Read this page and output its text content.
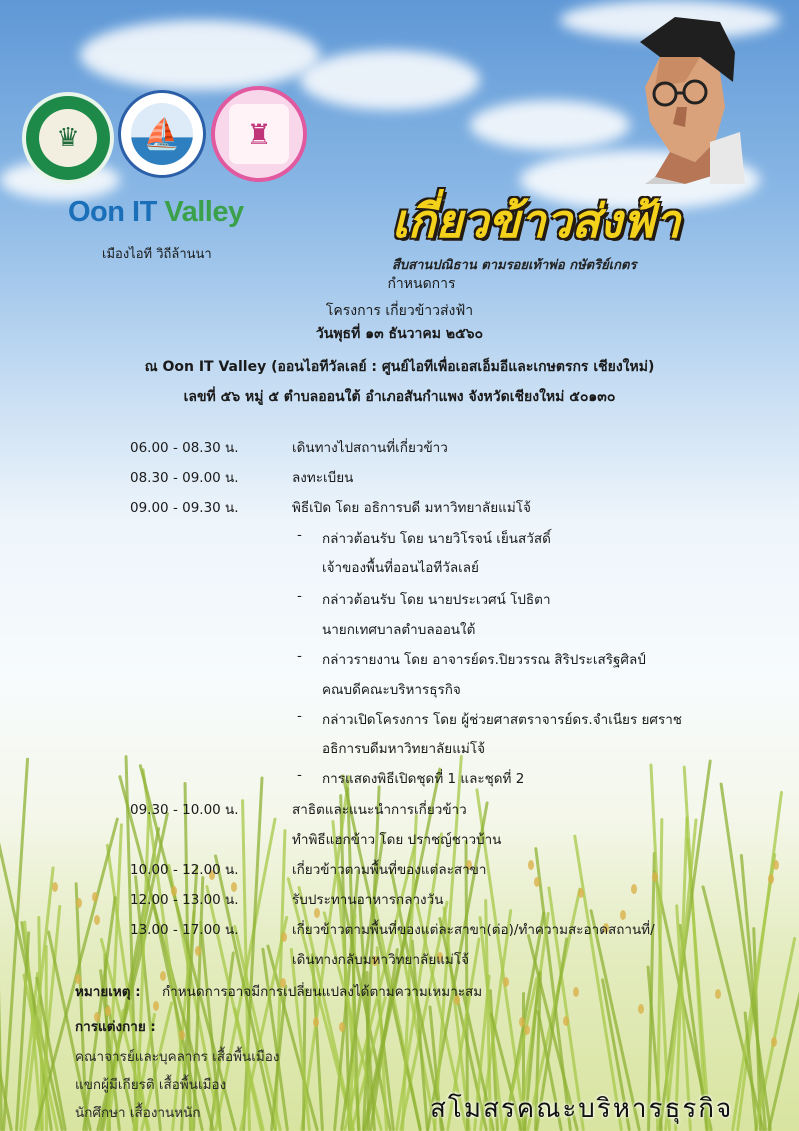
♛	⛵	♜
Oon IT Valley
เมืองไอที วิถีล้านนา
เกี่ยวข้าวส่งฟ้า
สืบสานปณิธาน ตามรอยเท้าพ่อ กษัตริย์เกตร
กำหนดการ
โครงการ เกี่ยวข้าวส่งฟ้า
วันพุธที่ ๑๓ ธันวาคม ๒๕๖๐
ณ Oon IT Valley (ออนไอทีวัลเลย์ : ศูนย์ไอทีเพื่อเอสเอ็มอีและเกษตรกร เชียงใหม่)
เลขที่ ๕๖ หมู่ ๕ ตำบลออนใต้ อำเภอสันกำแพง จังหวัดเชียงใหม่ ๕๐๑๓๐
06.00 - 08.30 น.	เดินทางไปสถานที่เกี่ยวข้าว
08.30 - 09.00 น.	ลงทะเบียน
09.00 - 09.30 น.	พิธีเปิด โดย อธิการบดี มหาวิทยาลัยแม่โจ้
- กล่าวต้อนรับ โดย นายวิโรจน์ เย็นสวัสดิ์
เจ้าของพื้นที่ออนไอทีวัลเลย์
- กล่าวต้อนรับ โดย นายประเวศน์ โปธิตา
นายกเทศบาลตำบลออนใต้
- กล่าวรายงาน โดย อาจารย์ดร.ปิยวรรณ สิริประเสริฐศิลป์
คณบดีคณะบริหารธุรกิจ
- กล่าวเปิดโครงการ โดย ผู้ช่วยศาสตราจารย์ดร.จำเนียร ยศราช
อธิการบดีมหาวิทยาลัยแม่โจ้
- การแสดงพิธีเปิดชุดที่ 1 และชุดที่ 2
09.30 - 10.00 น.	สาธิตและแนะนำการเกี่ยวข้าว
ทำพิธีแฮกข้าว โดย ปราชญ์ชาวบ้าน
10.00 - 12.00 น.	เกี่ยวข้าวตามพื้นที่ของแต่ละสาขา
12.00 - 13.00 น.	รับประทานอาหารกลางวัน
13.00 - 17.00 น.	เกี่ยวข้าวตามพื้นที่ของแต่ละสาขา(ต่อ)/ทำความสะอาดสถานที่/
เดินทางกลับมหาวิทยาลัยแม่โจ้
หมายเหตุ : กำหนดการอาจมีการเปลี่ยนแปลงได้ตามความเหมาะสม
การแต่งกาย :
คณาจารย์และบุคลากร เสื้อพื้นเมือง
แขกผู้มีเกียรติ เสื้อพื้นเมือง
นักศึกษา เสื้องานหนัก	สโมสรคณะบริหารธุรกิจ
